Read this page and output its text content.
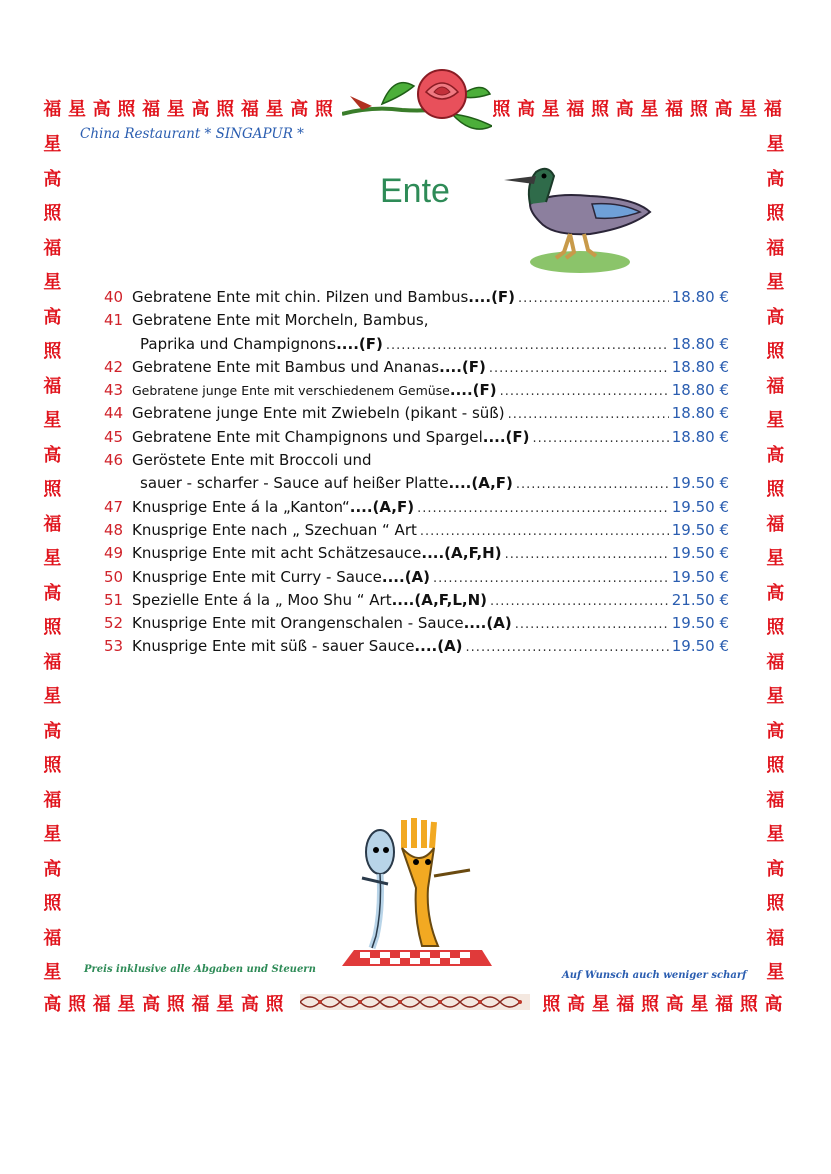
福 星 高 照 福 星 高 照 福 星 高 照	照 高 星 福 照 高 星 福 照 高 星 福
星
高
照
福
星
高
照
福
星
高
照
福
星
高
照
福
星
高
照
福
星
高
照
福
星
星
高
照
福
星
高
照
福
星
高
照
福
星
高
照
福
星
高
照
福
星
高
照
福
星
高 照 福 星 高 照 福 星 高 照	照 高 星 福 照 高 星 福 照 高
China Restaurant * SINGAPUR *
Ente
40 Gebratene Ente mit chin. Pilzen und Bambus ....(F) .....	18.80 €
41 Gebratene Ente mit Morcheln, Bambus,
Paprika und Champignons ....(F) .....	18.80 €
42 Gebratene Ente mit Bambus und Ananas ....(F) .....	18.80 €
43 Gebratene junge Ente mit verschiedenem Gemüse ....(F) .....	18.80 €
44 Gebratene junge Ente mit Zwiebeln (pikant - süß) .....	18.80 €
45 Gebratene Ente mit Champignons und Spargel ....(F) .....	18.80 €
46 Geröstete Ente mit Broccoli und
sauer - scharfer - Sauce auf heißer Platte ....(A,F) .....	19.50 €
47 Knusprige Ente á la „Kanton“ ....(A,F) .....	19.50 €
48 Knusprige Ente nach „ Szechuan “ Art .....	19.50 €
49 Knusprige Ente mit acht Schätzesauce ....(A,F,H) .....	19.50 €
50 Knusprige Ente mit Curry - Sauce ....(A) .....	19.50 €
51 Spezielle Ente á la „ Moo Shu “ Art ....(A,F,L,N) .....	21.50 €
52 Knusprige Ente mit Orangenschalen - Sauce ....(A) .....	19.50 €
53 Knusprige Ente mit süß - sauer Sauce ....(A) .....	19.50 €
Preis inklusive alle Abgaben und Steuern
Auf Wunsch auch weniger scharf
